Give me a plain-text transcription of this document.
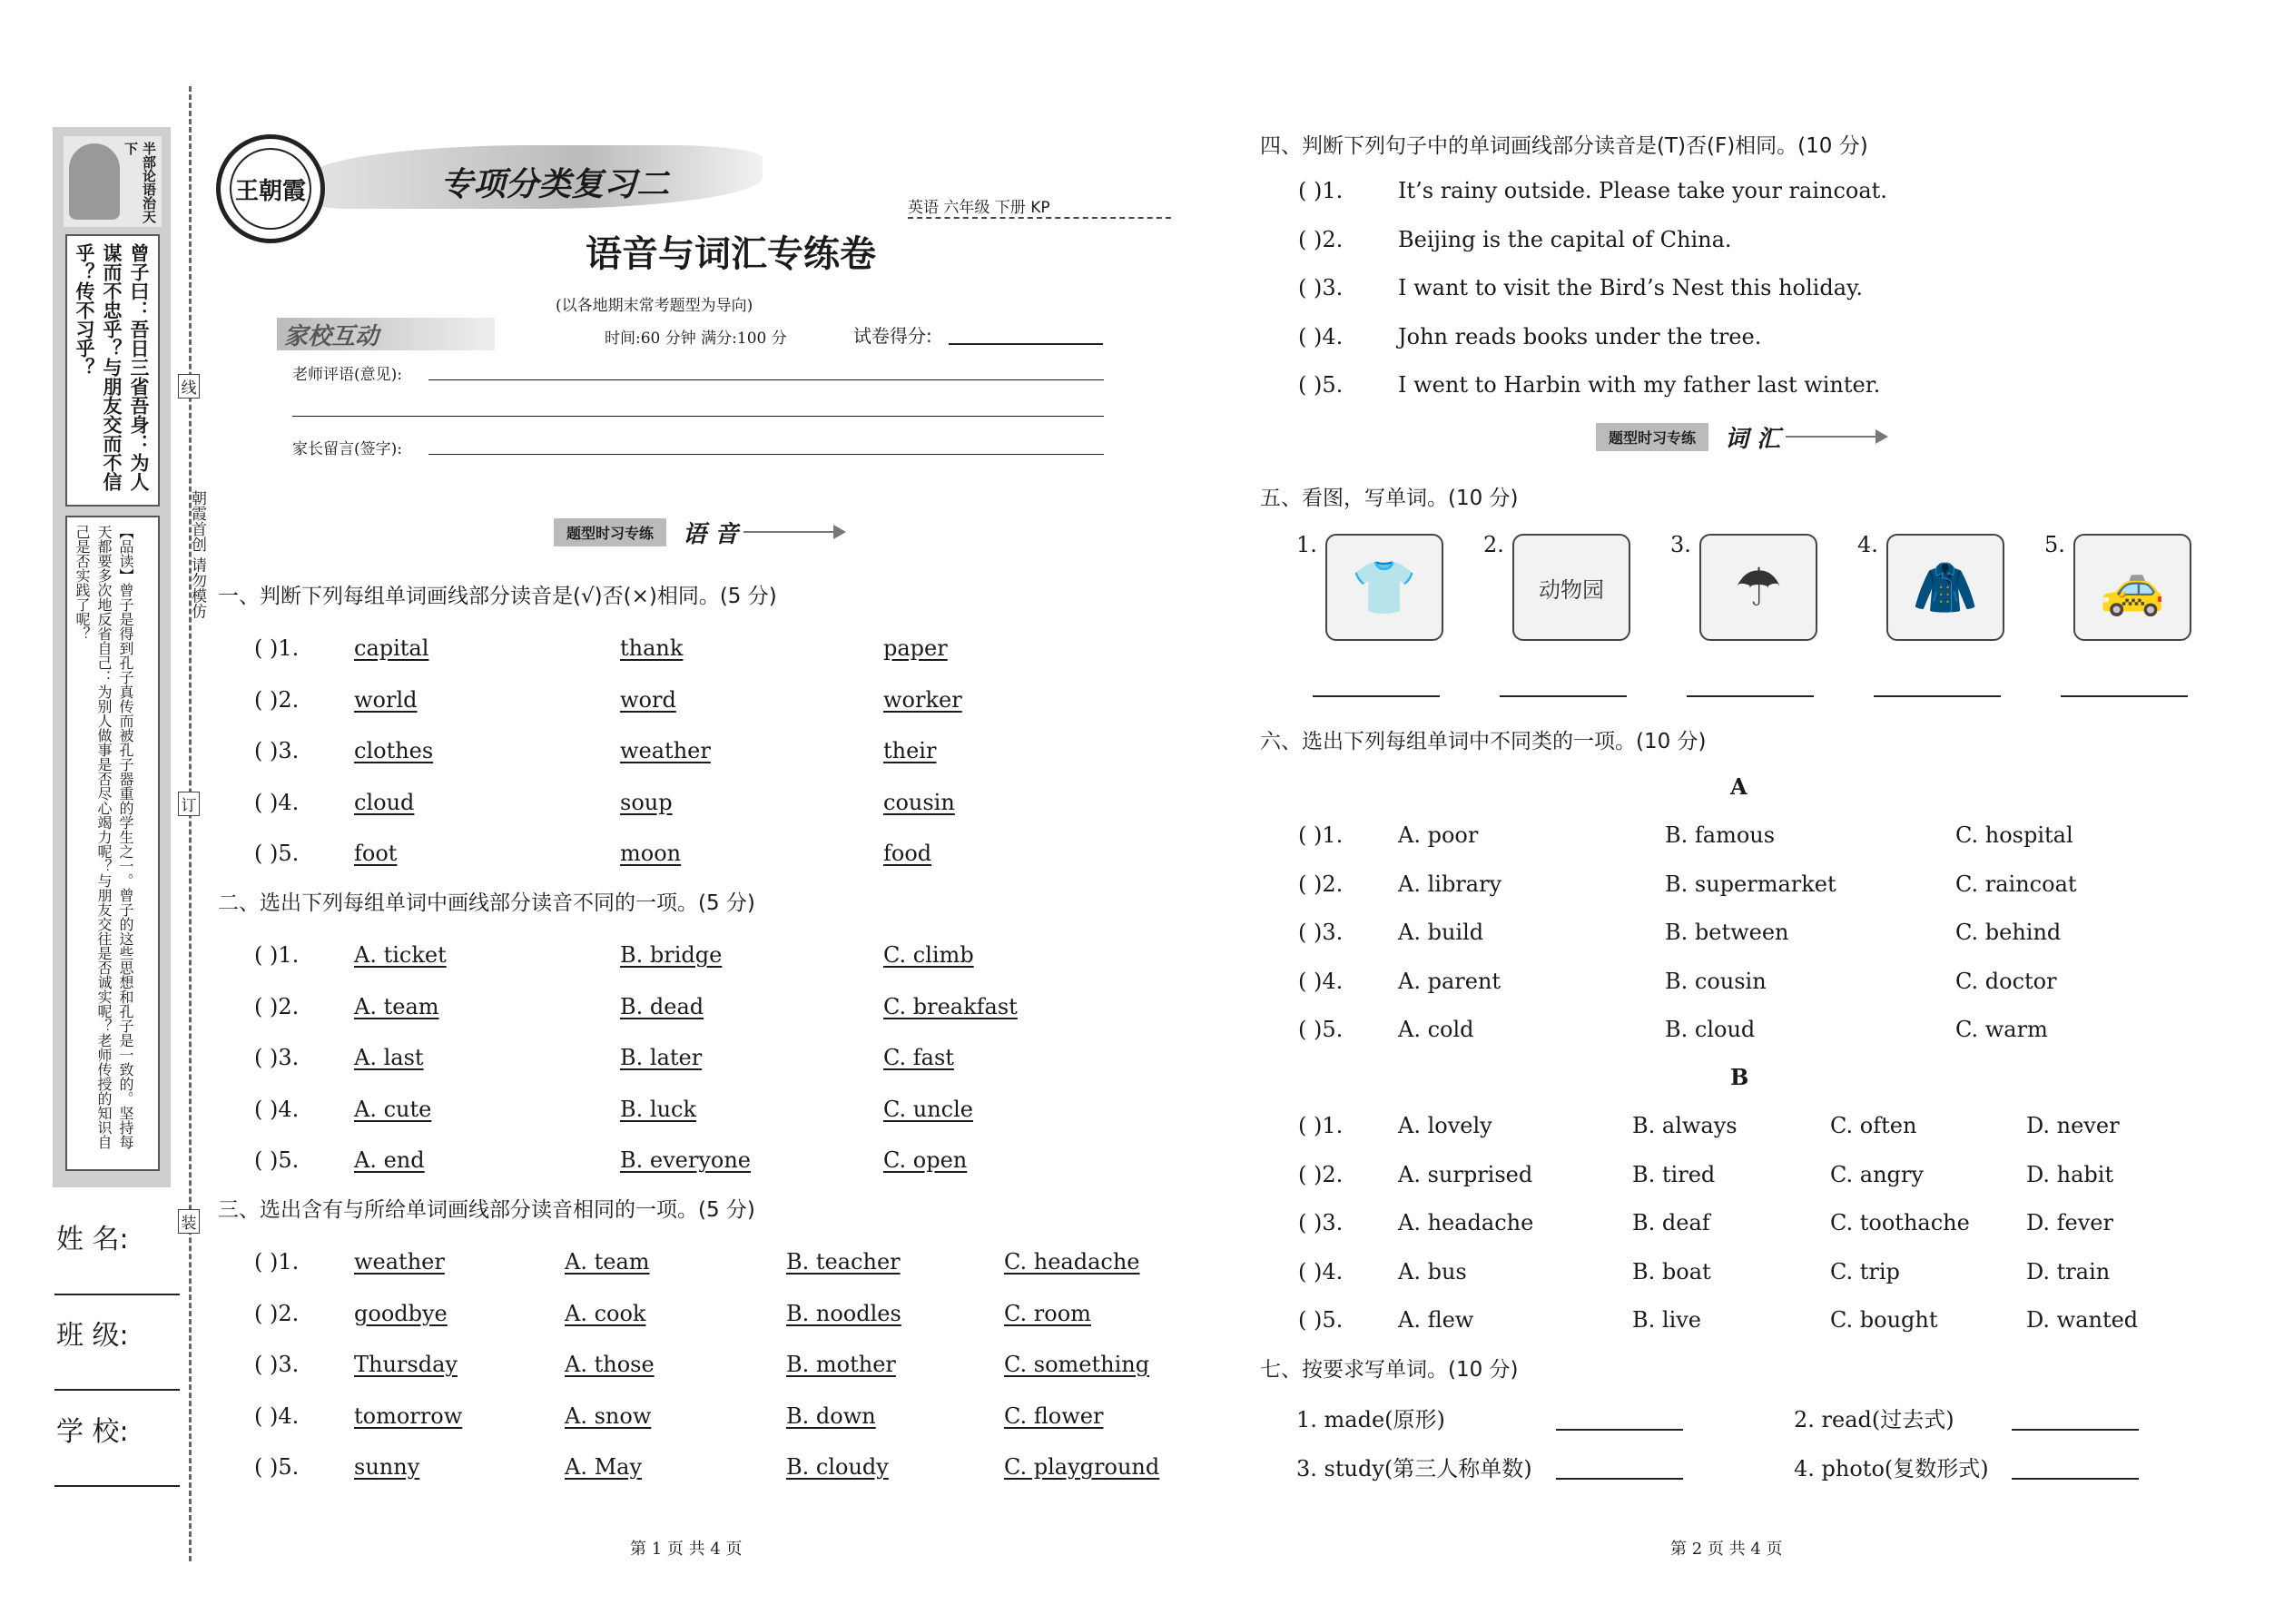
半部论语治天下
曾子曰：吾日三省吾身：为人谋而不忠乎？与朋友交而不信乎？传不习乎？
【品读】曾子是得到孔子真传而被孔子器重的学生之一。曾子的这些思想和孔子是一致的。坚持每天都要多次地反省自己：为别人做事是否尽心竭力呢？与朋友交往是否诚实呢？老师传授的知识自己是否实践了呢？	朝霞首创 请勿模仿
线
订
装
姓 名:
班 级:
学 校:
王朝霞	专项分类复习二
英语 六年级 下册 KP
语音与词汇专练卷
(以各地期末常考题型为导向)
时间:60 分钟 满分:100 分	试卷得分:
家校互动
老师评语(意见):
家长留言(签字):
题型时习专练	语 音
一、判断下列每组单词画线部分读音是(√)否(×)相同。(5 分)
( )1.	capital	thank	paper
( )2.	world	word	worker
( )3.	clothes	weather	their
( )4.	cloud	soup	cousin
( )5.	foot	moon	food
二、选出下列每组单词中画线部分读音不同的一项。(5 分)
( )1.	A. ticket	B. bridge	C. climb
( )2.	A. team	B. dead	C. breakfast
( )3.	A. last	B. later	C. fast
( )4.	A. cute	B. luck	C. uncle
( )5.	A. end	B. everyone	C. open
三、选出含有与所给单词画线部分读音相同的一项。(5 分)
( )1.	weather	A. team	B. teacher	C. headache
( )2.	goodbye	A. cook	B. noodles	C. room
( )3.	Thursday	A. those	B. mother	C. something
( )4.	tomorrow	A. snow	B. down	C. flower
( )5.	sunny	A. May	B. cloudy	C. playground
第 1 页 共 4 页
四、判断下列句子中的单词画线部分读音是(T)否(F)相同。(10 分)
( )1.	It’s rainy outside. Please take your raincoat.
( )2.	Beijing is the capital of China.
( )3.	I want to visit the Bird’s Nest this holiday.
( )4.	John reads books under the tree.
( )5.	I went to Harbin with my father last winter.
题型时习专练	词 汇
五、看图，写单词。(10 分)
1.
👕
2.
动物园
3.
☂
4.
🧥
5.
🚕
六、选出下列每组单词中不同类的一项。(10 分)
A
( )1.	A. poor	B. famous	C. hospital
( )2.	A. library	B. supermarket	C. raincoat
( )3.	A. build	B. between	C. behind
( )4.	A. parent	B. cousin	C. doctor
( )5.	A. cold	B. cloud	C. warm
B
( )1.	A. lovely	B. always	C. often	D. never
( )2.	A. surprised	B. tired	C. angry	D. habit
( )3.	A. headache	B. deaf	C. toothache	D. fever
( )4.	A. bus	B. boat	C. trip	D. train
( )5.	A. flew	B. live	C. bought	D. wanted
七、按要求写单词。(10 分)
1. made(原形)	2. read(过去式)
3. study(第三人称单数)	4. photo(复数形式)
第 2 页 共 4 页
